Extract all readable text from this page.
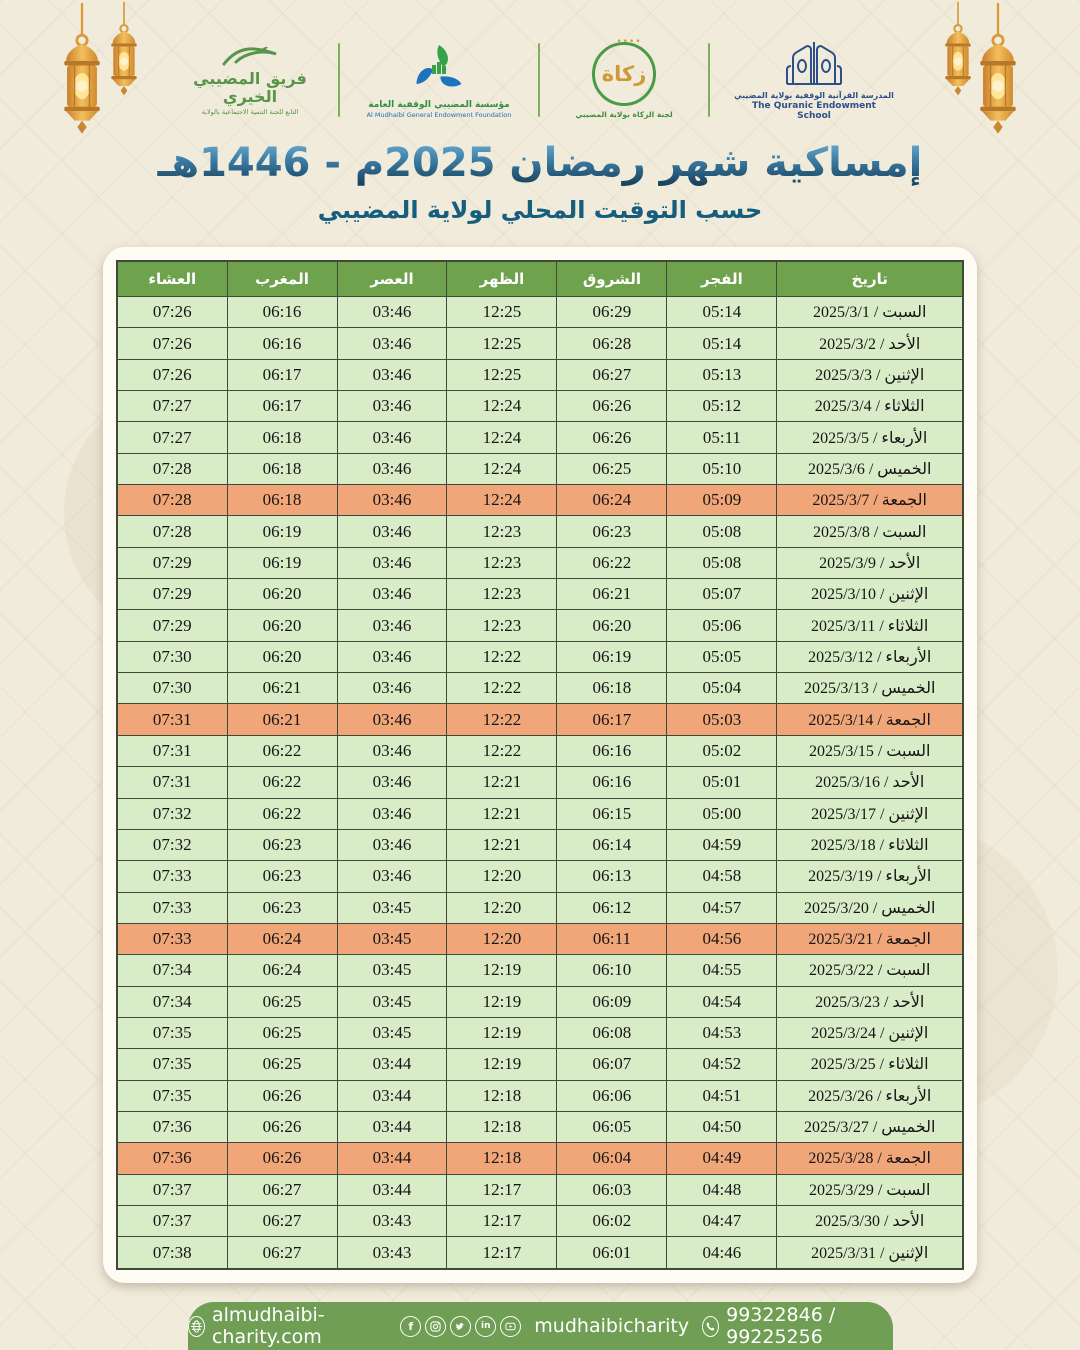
فريق المضيبي الخيري
التابع للجنة التنمية الاجتماعية بالولاية
مؤسسة المضيبي الوقفية العامة
Al Mudhaibi General Endowment Foundation
••••
زكاة
لجنة الزكاة بولاية المضيبي
المدرسة القرآنية الوقفية بولاية المضيبي
The Quranic Endowment School
إمساكية شهر رمضان 2025م - 1446هـ
حسب التوقيت المحلي لولاية المضيبي
تاريخ	الفجر	الشروق	الظهر	العصر	المغرب	العشاء
السبت / 2025/3/1	05:14	06:29	12:25	03:46	06:16	07:26
الأحد / 2025/3/2	05:14	06:28	12:25	03:46	06:16	07:26
الإثنين / 2025/3/3	05:13	06:27	12:25	03:46	06:17	07:26
الثلاثاء / 2025/3/4	05:12	06:26	12:24	03:46	06:17	07:27
الأربعاء / 2025/3/5	05:11	06:26	12:24	03:46	06:18	07:27
الخميس / 2025/3/6	05:10	06:25	12:24	03:46	06:18	07:28
الجمعة / 2025/3/7	05:09	06:24	12:24	03:46	06:18	07:28
السبت / 2025/3/8	05:08	06:23	12:23	03:46	06:19	07:28
الأحد / 2025/3/9	05:08	06:22	12:23	03:46	06:19	07:29
الإثنين / 2025/3/10	05:07	06:21	12:23	03:46	06:20	07:29
الثلاثاء / 2025/3/11	05:06	06:20	12:23	03:46	06:20	07:29
الأربعاء / 2025/3/12	05:05	06:19	12:22	03:46	06:20	07:30
الخميس / 2025/3/13	05:04	06:18	12:22	03:46	06:21	07:30
الجمعة / 2025/3/14	05:03	06:17	12:22	03:46	06:21	07:31
السبت / 2025/3/15	05:02	06:16	12:22	03:46	06:22	07:31
الأحد / 2025/3/16	05:01	06:16	12:21	03:46	06:22	07:31
الإثنين / 2025/3/17	05:00	06:15	12:21	03:46	06:22	07:32
الثلاثاء / 2025/3/18	04:59	06:14	12:21	03:46	06:23	07:32
الأربعاء / 2025/3/19	04:58	06:13	12:20	03:46	06:23	07:33
الخميس / 2025/3/20	04:57	06:12	12:20	03:45	06:23	07:33
الجمعة / 2025/3/21	04:56	06:11	12:20	03:45	06:24	07:33
السبت / 2025/3/22	04:55	06:10	12:19	03:45	06:24	07:34
الأحد / 2025/3/23	04:54	06:09	12:19	03:45	06:25	07:34
الإثنين / 2025/3/24	04:53	06:08	12:19	03:45	06:25	07:35
الثلاثاء / 2025/3/25	04:52	06:07	12:19	03:44	06:25	07:35
الأربعاء / 2025/3/26	04:51	06:06	12:18	03:44	06:26	07:35
الخميس / 2025/3/27	04:50	06:05	12:18	03:44	06:26	07:36
الجمعة / 2025/3/28	04:49	06:04	12:18	03:44	06:26	07:36
السبت / 2025/3/29	04:48	06:03	12:17	03:44	06:27	07:37
الأحد / 2025/3/30	04:47	06:02	12:17	03:43	06:27	07:37
الإثنين / 2025/3/31	04:46	06:01	12:17	03:43	06:27	07:38
almudhaibi-charity.com	f	in mudhaibicharity 99322846 / 99225256
